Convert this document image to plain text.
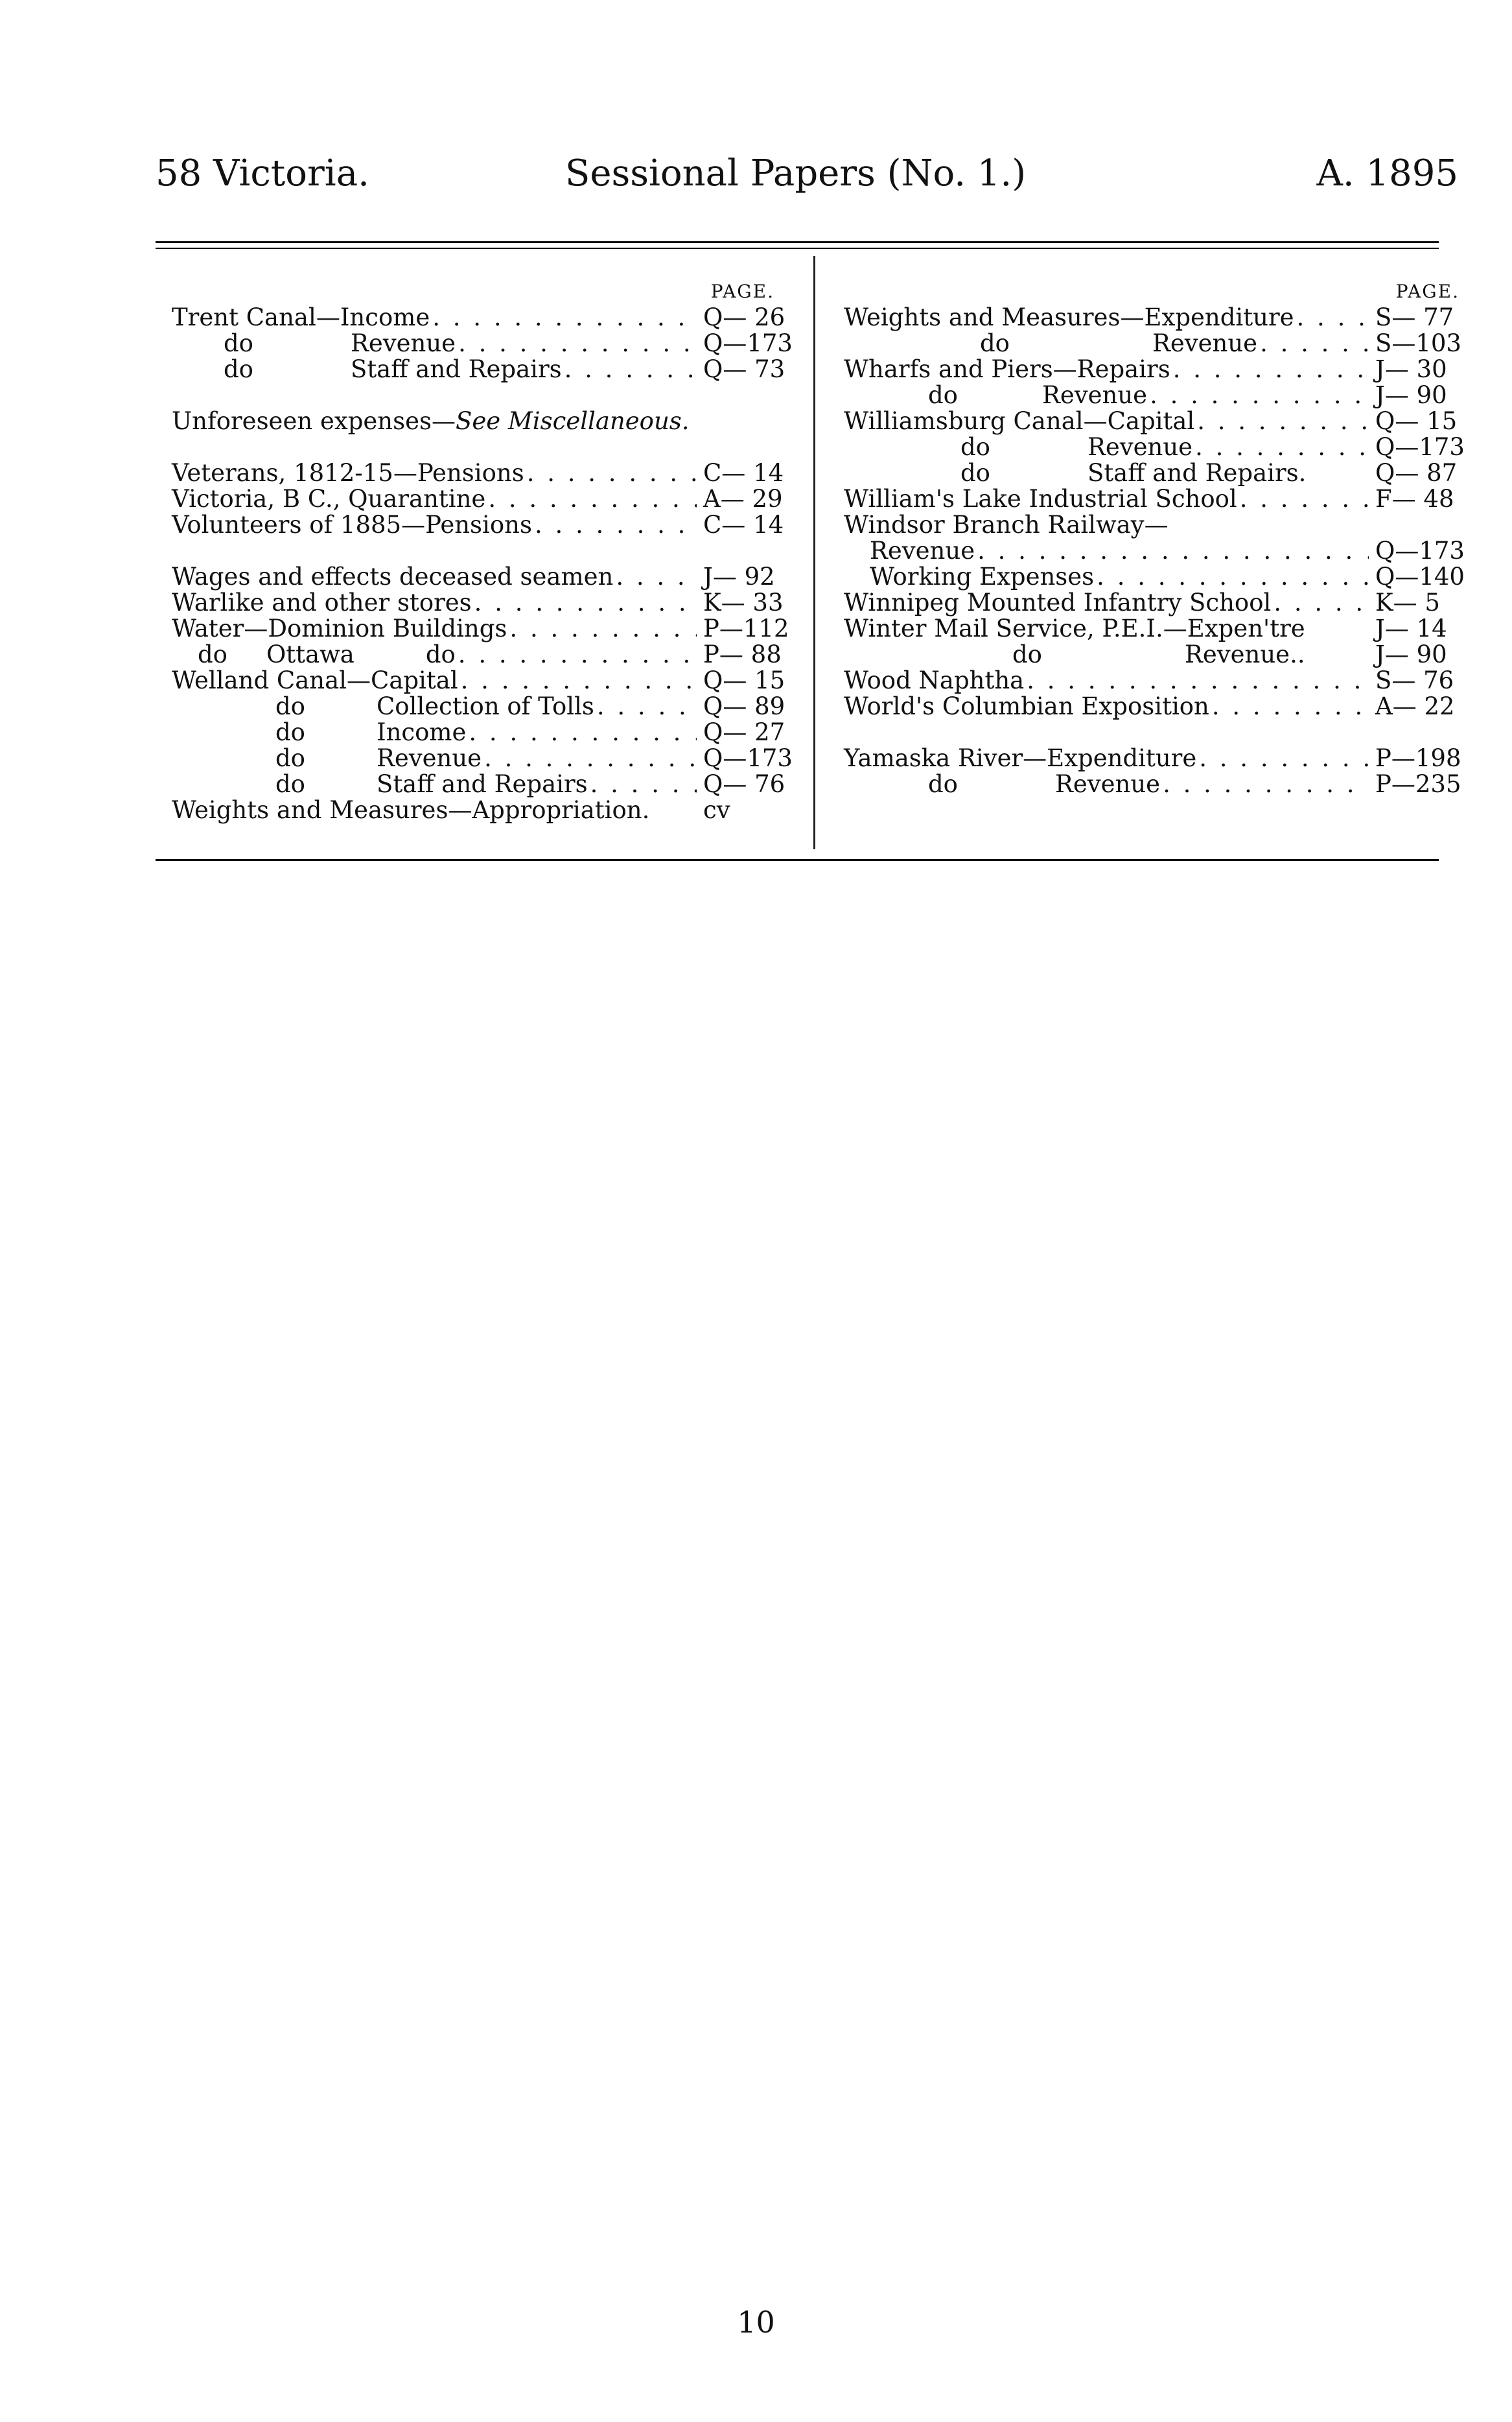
58 Victoria.	Sessional Papers (No. 1.)	A. 1895
PAGE.
Trent Canal—Income . . .	Q— 26
do	Revenue . . .	Q—173
do	Staff and Repairs . . .	Q— 73
Unforeseen expenses— See Miscellaneous.
Veterans, 1812-15—Pensions . . .	C— 14
Victoria, B C., Quarantine . . .	A— 29
Volunteers of 1885—Pensions . . .	C— 14
Wages and effects deceased seamen . . .	J— 92
Warlike and other stores . . .	K— 33
Water—Dominion Buildings . . .	P—112
do	Ottawa	do . . .	P— 88
Welland Canal—Capital . . .	Q— 15
do	Collection of Tolls . . .	Q— 89
do	Income . . .	Q— 27
do	Revenue . . .	Q—173
do	Staff and Repairs . . .	Q— 76
Weights and Measures—Appropriation.	cv
PAGE.
Weights and Measures—Expenditure . . .	S— 77
do	Revenue . . .	S—103
Wharfs and Piers—Repairs . . .	J— 30
do	Revenue . . .	J— 90
Williamsburg Canal—Capital . . .	Q— 15
do	Revenue . . .	Q—173
do	Staff and Repairs.	Q— 87
William's Lake Industrial School . . .	F— 48
Windsor Branch Railway—
Revenue . . .	Q—173
Working Expenses . . .	Q—140
Winnipeg Mounted Infantry School . . .	K— 5
Winter Mail Service, P.E.I.—Expen'tre	J— 14
do	Revenue..	J— 90
Wood Naphtha . . .	S— 76
World's Columbian Exposition . . .	A— 22
Yamaska River—Expenditure . . .	P—198
do	Revenue . . .	P—235
10
